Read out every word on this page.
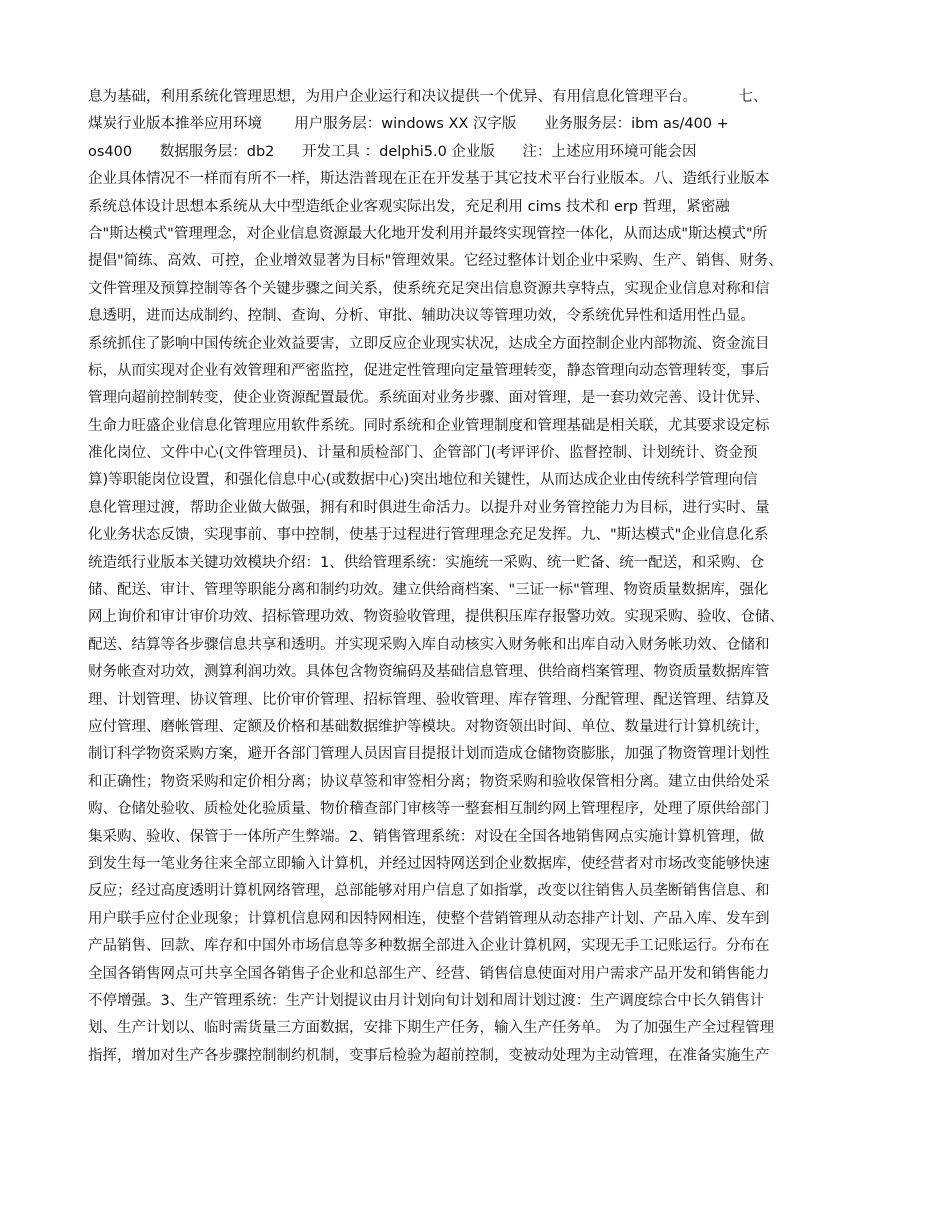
息为基础，利用系统化管理思想，为用户企业运行和决议提供一个优异、有用信息化管理平台。         七、
煤炭行业版本推举应用环境       用户服务层：windows XX 汉字版      业务服务层：ibm as/400 +
os400      数据服务层：db2      开发工具 ：delphi5.0 企业版      注：上述应用环境可能会因
企业具体情况不一样而有所不一样，斯达浩普现在正在开发基于其它技术平台行业版本。八、造纸行业版本
系统总体设计思想本系统从大中型造纸企业客观实际出发，充足利用 cims 技术和 erp 哲理，紧密融
合"斯达模式"管理理念，对企业信息资源最大化地开发利用并最终实现管控一体化，从而达成"斯达模式"所
提倡"简练、高效、可控，企业增效显著为目标"管理效果。它经过整体计划企业中采购、生产、销售、财务、
文件管理及预算控制等各个关键步骤之间关系，使系统充足突出信息资源共享特点，实现企业信息对称和信
息透明，进而达成制约、控制、查询、分析、审批、辅助决议等管理功效，令系统优异性和适用性凸显。
系统抓住了影响中国传统企业效益要害，立即反应企业现实状况，达成全方面控制企业内部物流、资金流目
标，从而实现对企业有效管理和严密监控，促进定性管理向定量管理转变，静态管理向动态管理转变，事后
管理向超前控制转变，使企业资源配置最优。系统面对业务步骤、面对管理，是一套功效完善、设计优异、
生命力旺盛企业信息化管理应用软件系统。同时系统和企业管理制度和管理基础是相关联，尤其要求设定标
准化岗位、文件中心(文件管理员)、计量和质检部门、企管部门(考评评价、监督控制、计划统计、资金预
算)等职能岗位设置，和强化信息中心(或数据中心)突出地位和关键性，从而达成企业由传统科学管理向信
息化管理过渡，帮助企业做大做强，拥有和时俱进生命活力。以提升对业务管控能力为目标，进行实时、量
化业务状态反馈，实现事前、事中控制，使基于过程进行管理理念充足发挥。九、"斯达模式"企业信息化系
统造纸行业版本关键功效模块介绍：1、供给管理系统：实施统一采购、统一贮备、统一配送，和采购、仓
储、配送、审计、管理等职能分离和制约功效。建立供给商档案、"三证一标"管理、物资质量数据库，强化
网上询价和审计审价功效、招标管理功效、物资验收管理，提供积压库存报警功效。实现采购、验收、仓储、
配送、结算等各步骤信息共享和透明。并实现采购入库自动核实入财务帐和出库自动入财务帐功效、仓储和
财务帐查对功效，测算利润功效。具体包含物资编码及基础信息管理、供给商档案管理、物资质量数据库管
理、计划管理、协议管理、比价审价管理、招标管理、验收管理、库存管理、分配管理、配送管理、结算及
应付管理、磨帐管理、定额及价格和基础数据维护等模块。对物资领出时间、单位、数量进行计算机统计，
制订科学物资采购方案，避开各部门管理人员因盲目提报计划而造成仓储物资膨胀，加强了物资管理计划性
和正确性；物资采购和定价相分离；协议草签和审签相分离；物资采购和验收保管相分离。建立由供给处采
购、仓储处验收、质检处化验质量、物价稽查部门审核等一整套相互制约网上管理程序，处理了原供给部门
集采购、验收、保管于一体所产生弊端。2、销售管理系统：对设在全国各地销售网点实施计算机管理，做
到发生每一笔业务往来全部立即输入计算机，并经过因特网送到企业数据库，使经营者对市场改变能够快速
反应；经过高度透明计算机网络管理，总部能够对用户信息了如指掌，改变以往销售人员垄断销售信息、和
用户联手应付企业现象；计算机信息网和因特网相连，使整个营销管理从动态排产计划、产品入库、发车到
产品销售、回款、库存和中国外市场信息等多种数据全部进入企业计算机网，实现无手工记账运行。分布在
全国各销售网点可共享全国各销售子企业和总部生产、经营、销售信息使面对用户需求产品开发和销售能力
不停增强。3、生产管理系统：生产计划提议由月计划向旬计划和周计划过渡：生产调度综合中长久销售计
划、生产计划以、临时需货量三方面数据，安排下期生产任务，输入生产任务单。 为了加强生产全过程管理
指挥，增加对生产各步骤控制制约机制，变事后检验为超前控制，变被动处理为主动管理，在准备实施生产
